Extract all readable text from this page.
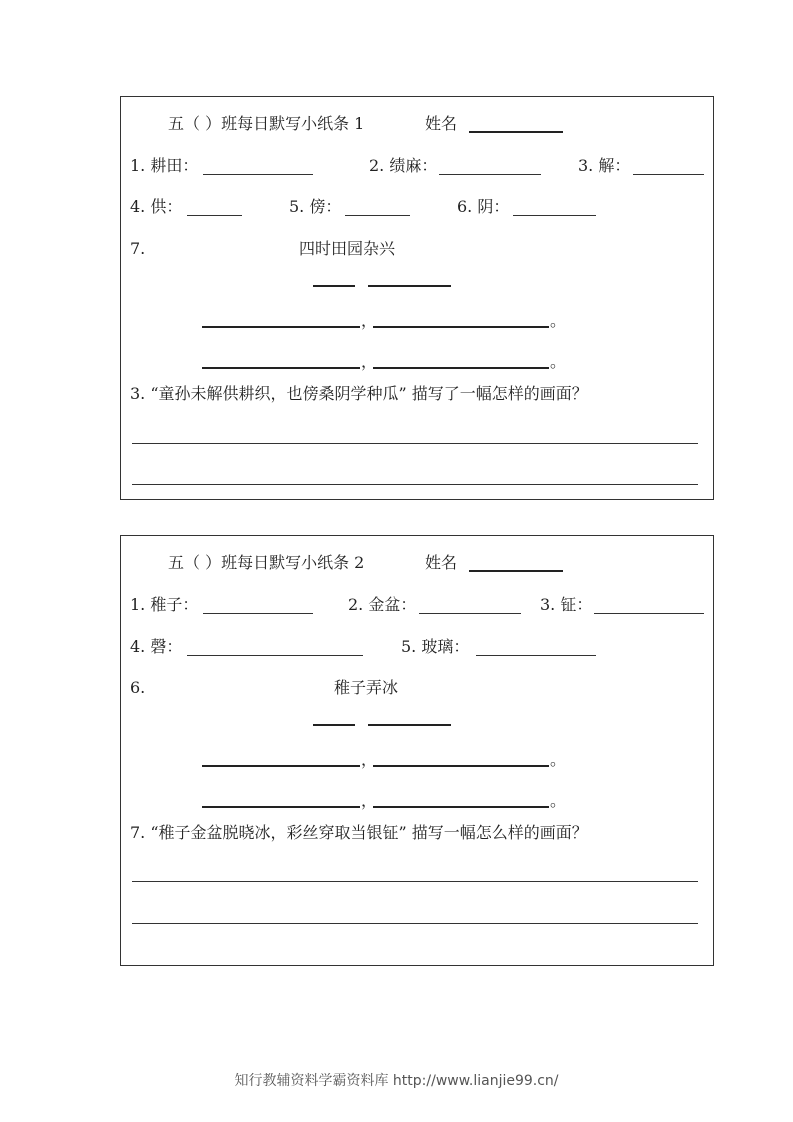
五（ ）班每日默写小纸条 1	姓名
1. 耕田：	2. 绩麻：	3. 解：
4. 供：	5. 傍：	6. 阴：
7.	四时田园杂兴
，	。
，	。
3. “童孙未解供耕织，也傍桑阴学种瓜” 描写了一幅怎样的画面？
五（ ）班每日默写小纸条 2	姓名
1. 稚子：	2. 金盆：	3. 钲：
4. 磬：	5. 玻璃：
6.	稚子弄冰
，	。
，	。
7. “稚子金盆脱晓冰，彩丝穿取当银钲” 描写一幅怎么样的画面？
知行教辅资料学霸资料库 http://www.lianjie99.cn/
